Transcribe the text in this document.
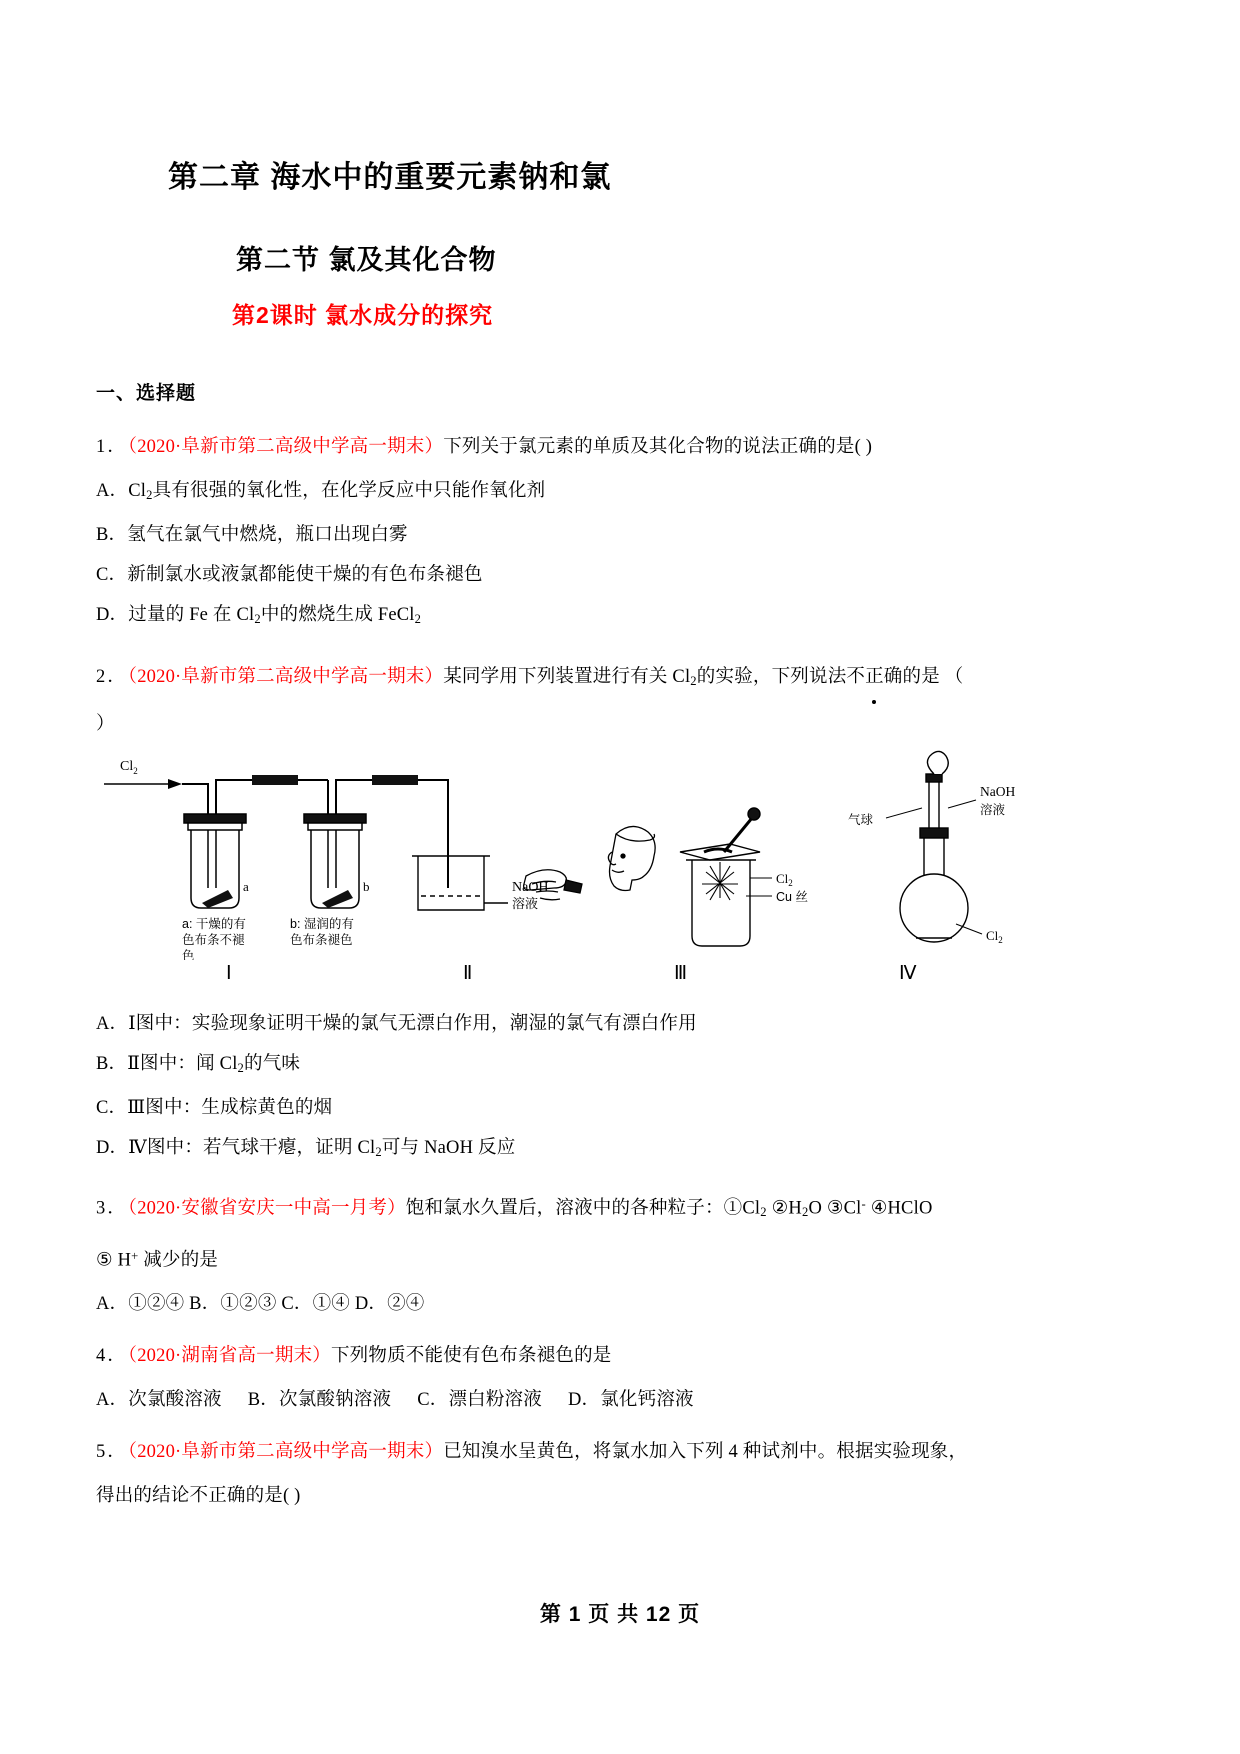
第二章 海水中的重要元素钠和氯
第二节 氯及其化合物
第2课时 氯水成分的探究
一、选择题

1．（2020·阜新市第二高级中学高一期末）下列关于氯元素的单质及其化合物的说法正确的是( )

A．$Cl_2$具有很强的氧化性，在化学反应中只能作氧化剂

B．氢气在氯气中燃烧，瓶口出现白雾

C．新制氯水或液氯都能使干燥的有色布条褪色

D．过量的 Fe 在 $Cl_2$中的燃烧生成 FeCl$_2$

2．（2020·阜新市第二高级中学高一期末）某同学用下列装置进行有关 $Cl_2$的实验，下列说法不正确的是 （

）

$Cl_2$
a	b	NaOH
溶液
a: 干燥的有
色布条不褪
色
b: 湿润的有
色布条褪色
$Cl_2$
Cu 丝
气球
NaOH
溶液
$Cl_2$
Ⅰ	Ⅱ	Ⅲ	Ⅳ

A．Ⅰ图中：实验现象证明干燥的氯气无漂白作用，潮湿的氯气有漂白作用

B．Ⅱ图中：闻 $Cl_2$的气味

C．Ⅲ图中：生成棕黄色的烟

D．Ⅳ图中：若气球干瘪，证明 $Cl_2$可与 NaOH 反应

3．（2020·安徽省安庆一中高一月考）饱和氯水久置后，溶液中的各种粒子：$①Cl_2$ $②H_2O$ ③Cl- ④HClO

⑤ H+ 减少的是

A．①②④ B．①②③ C．①④ D．②④

4．（2020·湖南省高一期末）下列物质不能使有色布条褪色的是

A．次氯酸溶液 B．次氯酸钠溶液 C．漂白粉溶液 D．氯化钙溶液

5．（2020·阜新市第二高级中学高一期末）已知溴水呈黄色，将氯水加入下列 4 种试剂中。根据实验现象，

得出的结论不正确的是( )

第 1 页 共 12 页
